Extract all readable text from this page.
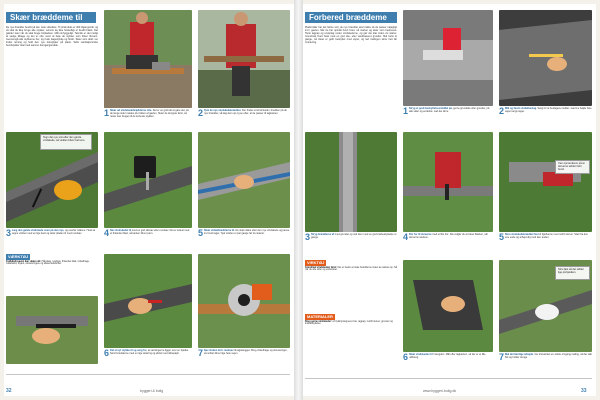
Skær bræddeme til
De nye brædder bestilt på den rette virkeliste. Til prisindeks er 400 tilgangsmål, og så skal du ikke bruge alle stykker, selvom de ikke forskelligt er bestilt blank. Det gælder især når du skal bruge forpladsen. Mål omhyggeligt. Teknisk er det muligt at sælge tilbage og det er ofte nemt at bøje de stykker som bliver tilovers. Gennemgå alle stykkerne her, og husk bagestykke og finish. Skær som altid i en lodret retning og hold den nye træstykker på plads. Sidst værktøjsmindre bundstykker skal med samme fremgangsmåde.
1 Skær ud vindskedebrædderne otte. Det er en god idé at gøre det, så de lange sider mødes på midten af gavlen. Skær de længste først, så rester kan bruges til de korteste stykker.	2 Tjek de nye vindskedebrædder. Der findes små forskelle i bredden på de nye brædder, så læg dem op og se efter, at de passer til tagkanten.
Tegn det nye snit efter den gamle vindskede, så vinklen bliver helt ens.
3 Læg den gamle vindskede oven på den nye, og overfør målene. Husk at tegne vinklen med en lige kant og skær pladen til med rundsav.	4 Sav vindskedet til med en god stiksav eller rundsav. Det er lettest med et fintandet blad, så kanten bliver pæn.	5 Skær vinkelbrædderne til. De skal måles efter den nye vindskede og passe ind mod taget. Tjek vinklen et par gange før du skærer.
VÆRKTØJ
Fodbåndssaven kan skære alt: Håndsav, rundsav, fintandet blad, vinkelhage, målebånd, blyant, skruetvingere og sikkerhedsbriller.
6 Del et nyt stykke til og sørg for, at samlingerne ligger over en bjælke. Saml brædderne med en lige skæring og afslut med slibepapir.	7 Sav vinden ind i rundsav til tagskægget. Brug vinkelhage og skruetvinger, så snittet bliver lige hele vejen.
32	byggeri & bolig
Forbered bræddeme
Pladsmåler har det første snit; de nye brædder skal måles så de passer nøjagtigt ind i gavlen. Når du har opmålt hvert bræt, så marker og skær som beskrevet. Husk tagpap og underlag under vindskederne, og gør det klar inden du starter. Grundmal hvert bræt med en god olie- eller vandbaseret grunder. Mal helst to gange, så træet er godt beskyttet mod vejret, og lad malingen tørre helt før montering.
1 Stryg et godt beskyttelsesmiddel på, gerne grundolie eller grunder, på alle sider og endetræ. Lad det tørre.	2 Mål og fæstn vinkelbeslag. Sørg for at beslagene sidder i samme højde hele vejen langs taget.
3 Stryg brædderne af med grunder og mal dem med en god træbeskyttelse to gange.	4 Bor for til skruerne med et lille bor. Så undgår du at træet flækker, når skruerne sættes i.
Vær opmærksom på at skruerne sidder helt i bund.
5 Skru vindskedebræddet fast til bjælkerne med rustfri skruer. Start fra den ene ende og arbejd dig mod den anden.
VIRKTØJ
Grundmal vindskeden først: Det er bedre at male brædderne inden de sættes op. Så når du alle sider og endetræet.
MATERIALER
Brug gerne vindskeder: af trykimprægneret træ, tagpap, rustfri skruer, grunder og træbeskyttelse.
6 Skær vindskeden til i længden. Mål efter tagkanten, så der er et lille udhæng.
Skru fast så det sidder lige på bjælken.
7 Mal det færdige arbejde. Giv træværket en sidste omgang maling, så det står flot og holder længe.
www.byggeri-bolig.dk	33
